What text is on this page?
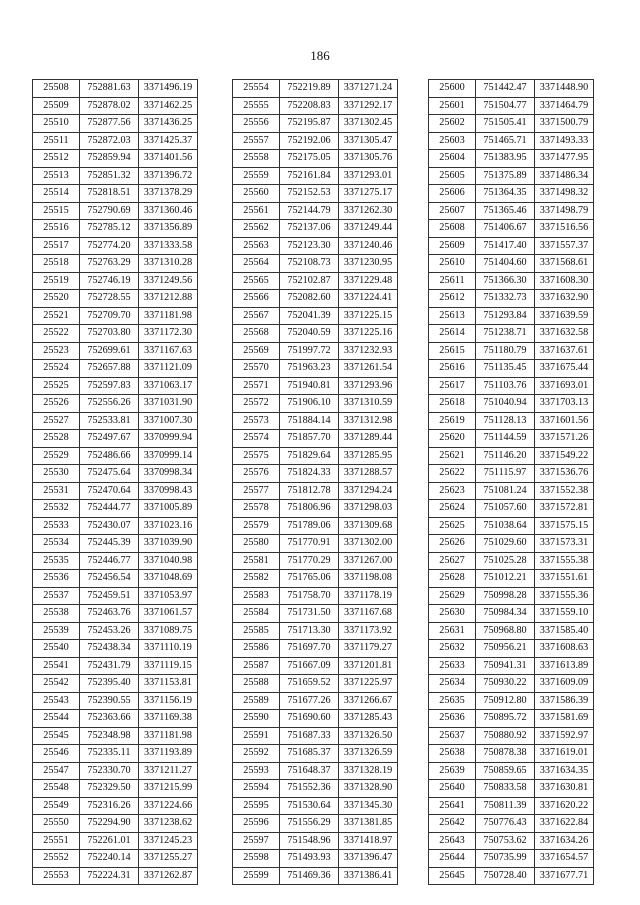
186
25508	752881.63	3371496.19
25509	752878.02	3371462.25
25510	752877.56	3371436.25
25511	752872.03	3371425.37
25512	752859.94	3371401.56
25513	752851.32	3371396.72
25514	752818.51	3371378.29
25515	752790.69	3371360.46
25516	752785.12	3371356.89
25517	752774.20	3371333.58
25518	752763.29	3371310.28
25519	752746.19	3371249.56
25520	752728.55	3371212.88
25521	752709.70	3371181.98
25522	752703.80	3371172.30
25523	752699.61	3371167.63
25524	752657.88	3371121.09
25525	752597.83	3371063.17
25526	752556.26	3371031.90
25527	752533.81	3371007.30
25528	752497.67	3370999.94
25529	752486.66	3370999.14
25530	752475.64	3370998.34
25531	752470.64	3370998.43
25532	752444.77	3371005.89
25533	752430.07	3371023.16
25534	752445.39	3371039.90
25535	752446.77	3371040.98
25536	752456.54	3371048.69
25537	752459.51	3371053.97
25538	752463.76	3371061.57
25539	752453.26	3371089.75
25540	752438.34	3371110.19
25541	752431.79	3371119.15
25542	752395.40	3371153.81
25543	752390.55	3371156.19
25544	752363.66	3371169.38
25545	752348.98	3371181.98
25546	752335.11	3371193.89
25547	752330.70	3371211.27
25548	752329.50	3371215.99
25549	752316.26	3371224.66
25550	752294.90	3371238.62
25551	752261.01	3371245.23
25552	752240.14	3371255.27
25553	752224.31	3371262.87
25554	752219.89	3371271.24
25555	752208.83	3371292.17
25556	752195.87	3371302.45
25557	752192.06	3371305.47
25558	752175.05	3371305.76
25559	752161.84	3371293.01
25560	752152.53	3371275.17
25561	752144.79	3371262.30
25562	752137.06	3371249.44
25563	752123.30	3371240.46
25564	752108.73	3371230.95
25565	752102.87	3371229.48
25566	752082.60	3371224.41
25567	752041.39	3371225.15
25568	752040.59	3371225.16
25569	751997.72	3371232.93
25570	751963.23	3371261.54
25571	751940.81	3371293.96
25572	751906.10	3371310.59
25573	751884.14	3371312.98
25574	751857.70	3371289.44
25575	751829.64	3371285.95
25576	751824.33	3371288.57
25577	751812.78	3371294.24
25578	751806.96	3371298.03
25579	751789.06	3371309.68
25580	751770.91	3371302.00
25581	751770.29	3371267.00
25582	751765.06	3371198.08
25583	751758.70	3371178.19
25584	751731.50	3371167.68
25585	751713.30	3371173.92
25586	751697.70	3371179.27
25587	751667.09	3371201.81
25588	751659.52	3371225.97
25589	751677.26	3371266.67
25590	751690.60	3371285.43
25591	751687.33	3371326.50
25592	751685.37	3371326.59
25593	751648.37	3371328.19
25594	751552.36	3371328.90
25595	751530.64	3371345.30
25596	751556.29	3371381.85
25597	751548.96	3371418.97
25598	751493.93	3371396.47
25599	751469.36	3371386.41
25600	751442.47	3371448.90
25601	751504.77	3371464.79
25602	751505.41	3371500.79
25603	751465.71	3371493.33
25604	751383.95	3371477.95
25605	751375.89	3371486.34
25606	751364.35	3371498.32
25607	751365.46	3371498.79
25608	751406.67	3371516.56
25609	751417.40	3371557.37
25610	751404.60	3371568.61
25611	751366.30	3371608.30
25612	751332.73	3371632.90
25613	751293.84	3371639.59
25614	751238.71	3371632.58
25615	751180.79	3371637.61
25616	751135.45	3371675.44
25617	751103.76	3371693.01
25618	751040.94	3371703.13
25619	751128.13	3371601.56
25620	751144.59	3371571.26
25621	751146.20	3371549.22
25622	751115.97	3371536.76
25623	751081.24	3371552.38
25624	751057.60	3371572.81
25625	751038.64	3371575.15
25626	751029.60	3371573.31
25627	751025.28	3371555.38
25628	751012.21	3371551.61
25629	750998.28	3371555.36
25630	750984.34	3371559.10
25631	750968.80	3371585.40
25632	750956.21	3371608.63
25633	750941.31	3371613.89
25634	750930.22	3371609.09
25635	750912.80	3371586.39
25636	750895.72	3371581.69
25637	750880.92	3371592.97
25638	750878.38	3371619.01
25639	750859.65	3371634.35
25640	750833.58	3371630.81
25641	750811.39	3371620.22
25642	750776.43	3371622.84
25643	750753.62	3371634.26
25644	750735.99	3371654.57
25645	750728.40	3371677.71
